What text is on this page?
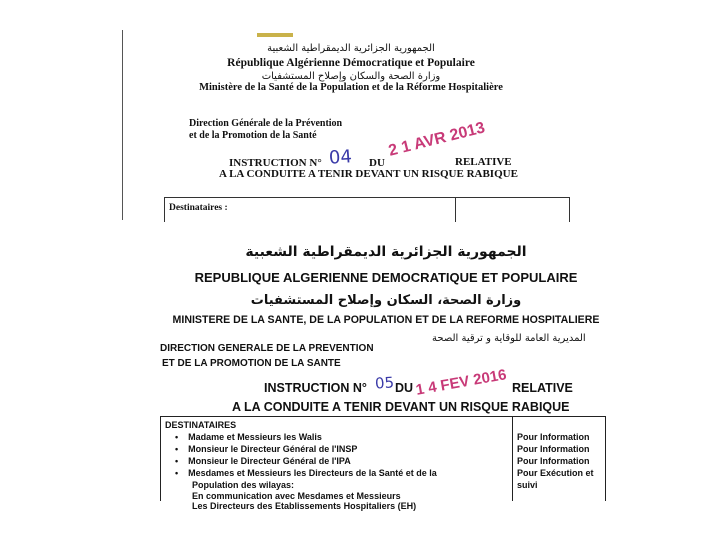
الجمهورية الجزائرية الديمقراطية الشعبية
République Algérienne Démocratique et Populaire
وزارة الصحة والسكان وإصلاح المستشفيات
Ministère de la Santé de la Population et de la Réforme Hospitalière
Direction Générale de la Prévention
et de la Promotion de la Santé
INSTRUCTION N° 04 DU
2 1 AVR 2013
RELATIVE
A LA CONDUITE A TENIR DEVANT UN RISQUE RABIQUE
Destinataires :
الجمهورية الجزائرية الديمقراطية الشعبية
REPUBLIQUE ALGERIENNE DEMOCRATIQUE ET POPULAIRE
وزارة الصحة، السكان وإصلاح المستشفيات
MINISTERE DE LA SANTE, DE LA POPULATION ET DE LA REFORME HOSPITALIERE
المديرية العامة للوقاية و ترقية الصحة
DIRECTION GENERALE DE LA PREVENTION
ET DE LA PROMOTION DE LA SANTE
INSTRUCTION N° 05 DU 1 4 FEV 2016 RELATIVE
A LA CONDUITE A TENIR DEVANT UN RISQUE RABIQUE
DESTINATAIRES
• Madame et Messieurs les Walis
• Monsieur le Directeur Général de l'INSP
• Monsieur le Directeur Général de l'IPA
• Mesdames et Messieurs les Directeurs de la Santé et de la
Population des wilayas:
En communication avec Mesdames et Messieurs
Les Directeurs des Etablissements Hospitaliers (EH)
Pour Information
Pour Information
Pour Information
Pour Exécution et
suivi
